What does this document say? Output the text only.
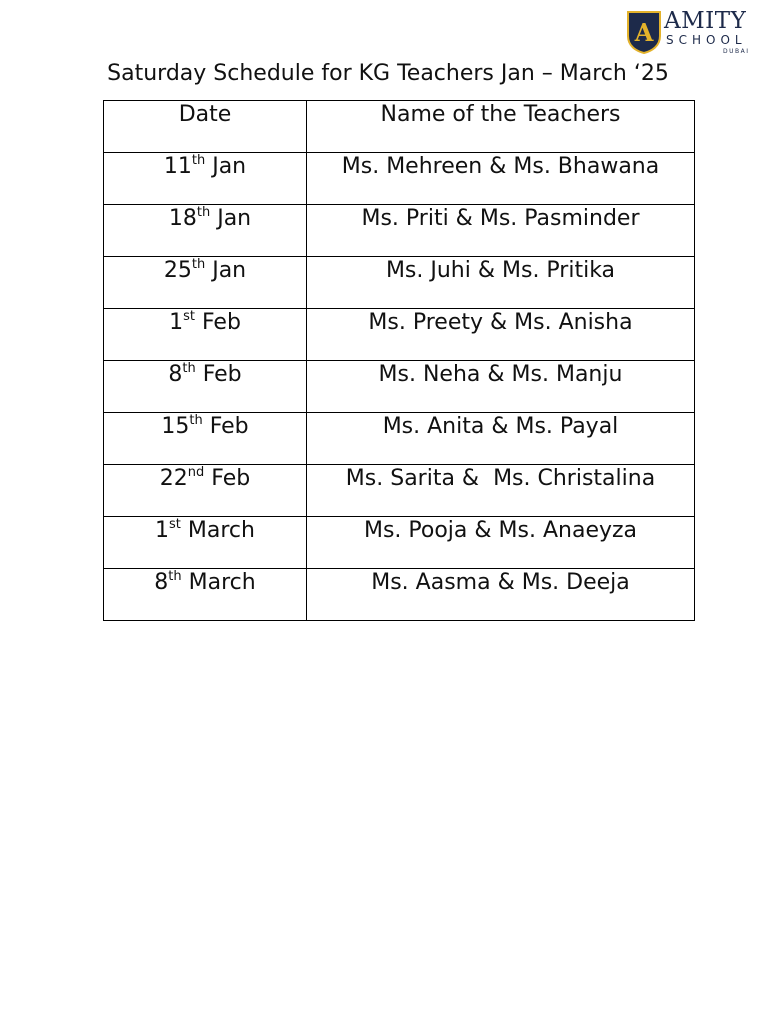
A AMITY
SCHOOL
DUBAI
Saturday Schedule for KG Teachers Jan – March ‘25
Date	Name of the Teachers

11th Jan	Ms. Mehreen & Ms. Bhawana

18th Jan	Ms. Priti & Ms. Pasminder

25th Jan	Ms. Juhi & Ms. Pritika

1st Feb	Ms. Preety & Ms. Anisha

8th Feb	Ms. Neha & Ms. Manju

15th Feb	Ms. Anita & Ms. Payal

22nd Feb	Ms. Sarita &  Ms. Christalina

1st March	Ms. Pooja & Ms. Anaeyza

8th March	Ms. Aasma & Ms. Deeja
